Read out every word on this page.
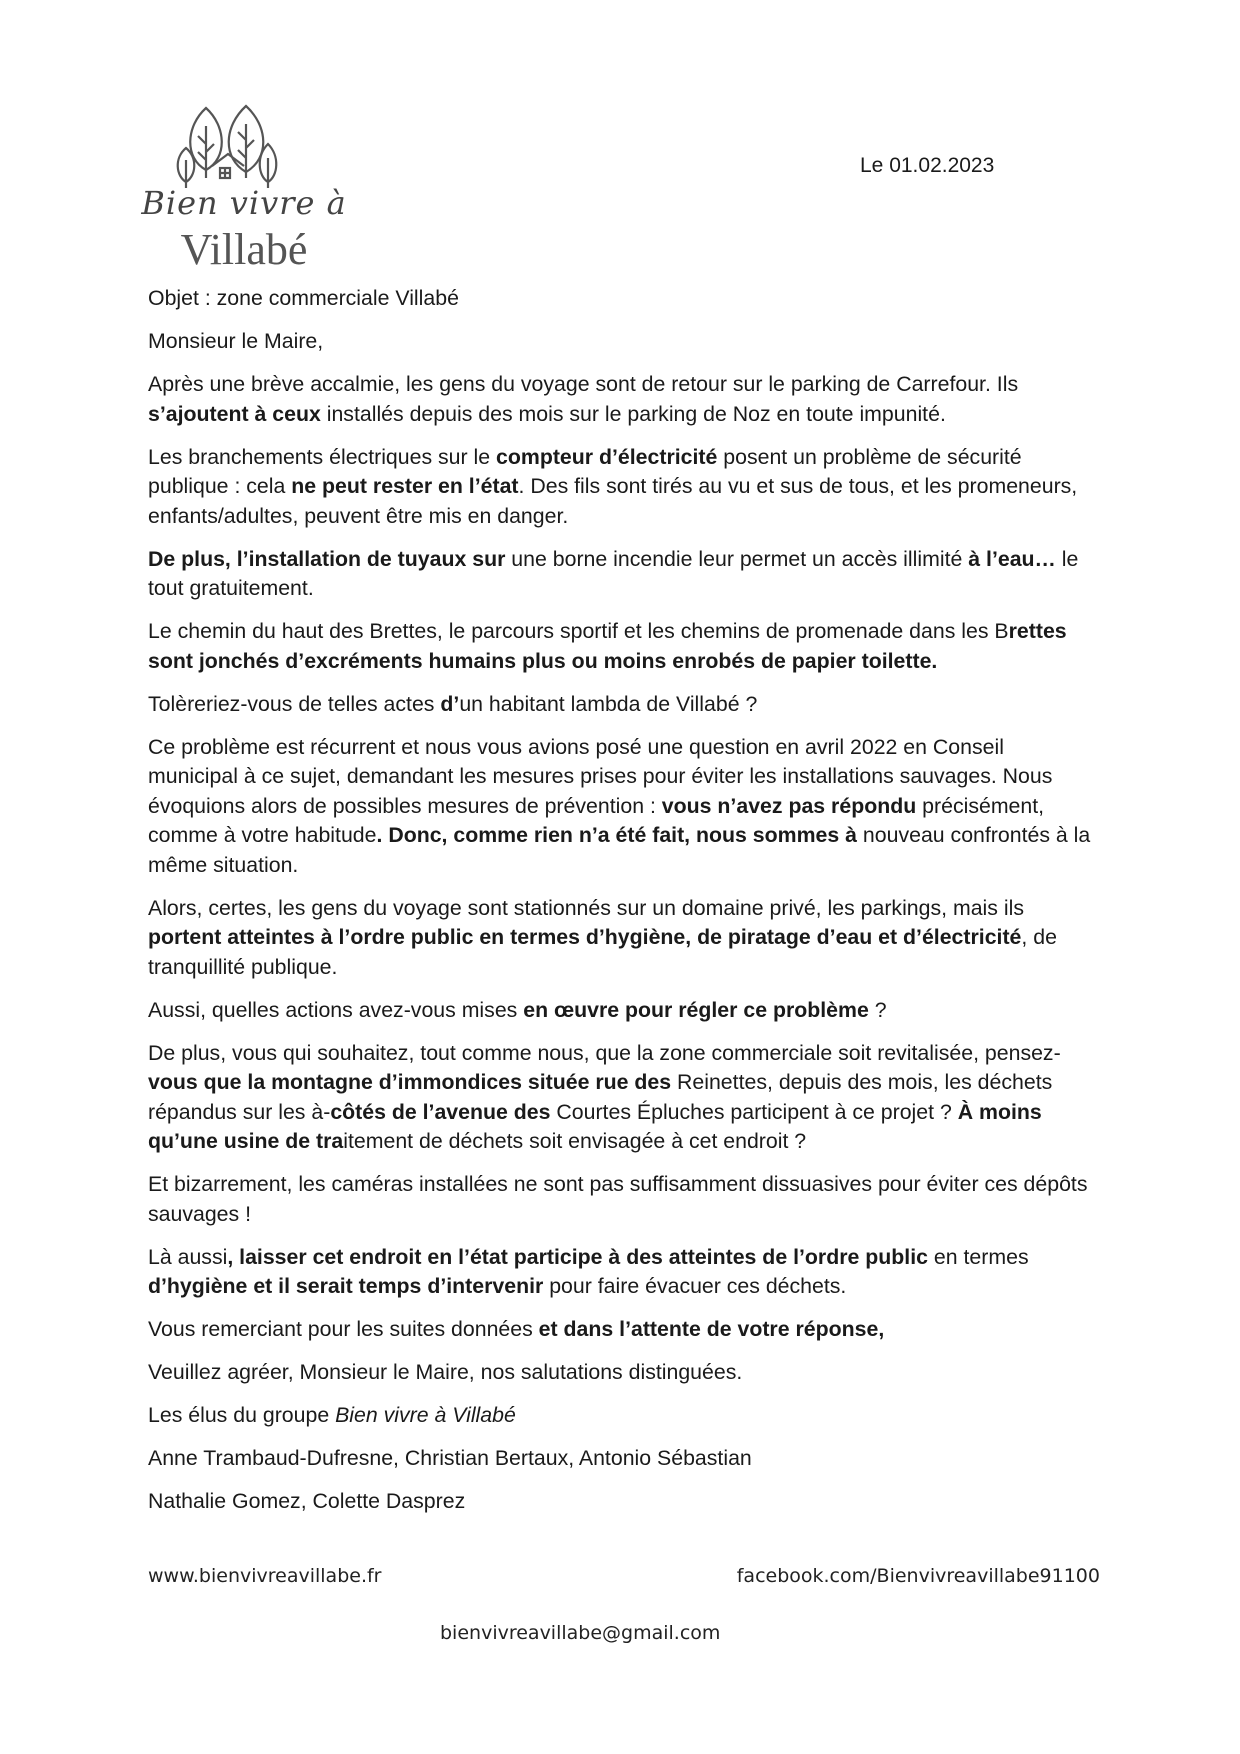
Bien vivre à
Villabé
Le 01.02.2023

Objet : zone commerciale Villabé

Monsieur le Maire,

Après une brève accalmie, les gens du voyage sont de retour sur le parking de Carrefour. Ils s’ajoutent à ceux installés depuis des mois sur le parking de Noz en toute impunité.

Les branchements électriques sur le compteur d’électricité posent un problème de sécurité publique : cela ne peut rester en l’état. Des fils sont tirés au vu et sus de tous, et les promeneurs, enfants/adultes, peuvent être mis en danger.

De plus, l’installation de tuyaux sur une borne incendie leur permet un accès illimité à l’eau… le tout gratuitement.

Le chemin du haut des Brettes, le parcours sportif et les chemins de promenade dans les Brettes sont jonchés d’excréments humains plus ou moins enrobés de papier toilette.

Tolèreriez-vous de telles actes d’un habitant lambda de Villabé ?

Ce problème est récurrent et nous vous avions posé une question en avril 2022 en Conseil municipal à ce sujet, demandant les mesures prises pour éviter les installations sauvages. Nous évoquions alors de possibles mesures de prévention : vous n’avez pas répondu précisément, comme à votre habitude. Donc, comme rien n’a été fait, nous sommes à nouveau confrontés à la même situation.

Alors, certes, les gens du voyage sont stationnés sur un domaine privé, les parkings, mais ils portent atteintes à l’ordre public en termes d’hygiène, de piratage d’eau et d’électricité, de tranquillité publique.

Aussi, quelles actions avez-vous mises en œuvre pour régler ce problème ?

De plus, vous qui souhaitez, tout comme nous, que la zone commerciale soit revitalisée, pensez-vous que la montagne d’immondices située rue des Reinettes, depuis des mois, les déchets répandus sur les à-côtés de l’avenue des Courtes Épluches participent à ce projet ? À moins qu’une usine de traitement de déchets soit envisagée à cet endroit ?

Et bizarrement, les caméras installées ne sont pas suffisamment dissuasives pour éviter ces dépôts sauvages !

Là aussi, laisser cet endroit en l’état participe à des atteintes de l’ordre public en termes d’hygiène et il serait temps d’intervenir pour faire évacuer ces déchets.

Vous remerciant pour les suites données et dans l’attente de votre réponse,

Veuillez agréer, Monsieur le Maire, nos salutations distinguées.

Les élus du groupe Bien vivre à Villabé

Anne Trambaud-Dufresne, Christian Bertaux, Antonio Sébastian

Nathalie Gomez, Colette Dasprez

www.bienvivreavillabe.fr	facebook.com/Bienvivreavillabe91100
bienvivreavillabe@gmail.com
